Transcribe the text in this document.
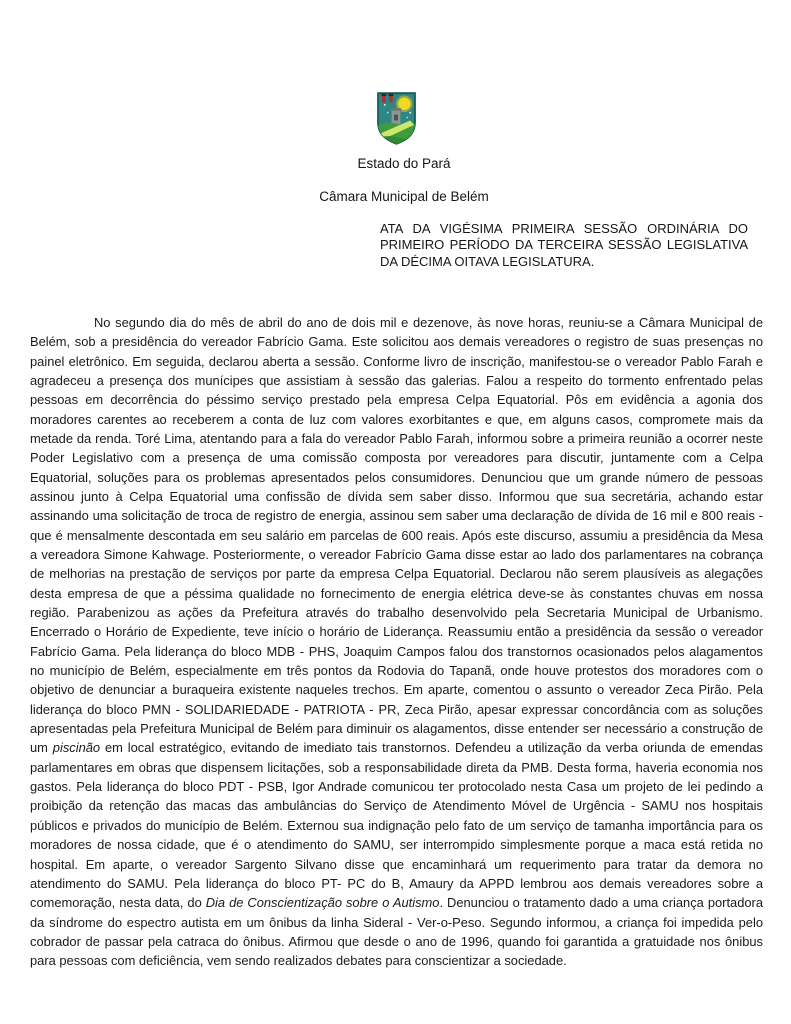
Estado do Pará
Câmara Municipal de Belém
ATA DA VIGÉSIMA PRIMEIRA SESSÃO ORDINÁRIA DO PRIMEIRO PERÍODO DA TERCEIRA SESSÃO LEGISLATIVA DA DÉCIMA OITAVA LEGISLATURA.

No segundo dia do mês de abril do ano de dois mil e dezenove, às nove horas, reuniu-se a Câmara Municipal de Belém, sob a presidência do vereador Fabrício Gama. Este solicitou aos demais vereadores o registro de suas presenças no painel eletrônico. Em seguida, declarou aberta a sessão. Conforme livro de inscrição, manifestou-se o vereador Pablo Farah e agradeceu a presença dos munícipes que assistiam à sessão das galerias. Falou a respeito do tormento enfrentado pelas pessoas em decorrência do péssimo serviço prestado pela empresa Celpa Equatorial. Pôs em evidência a agonia dos moradores carentes ao receberem a conta de luz com valores exorbitantes e que, em alguns casos, compromete mais da metade da renda. Toré Lima, atentando para a fala do vereador Pablo Farah, informou sobre a primeira reunião a ocorrer neste Poder Legislativo com a presença de uma comissão composta por vereadores para discutir, juntamente com a Celpa Equatorial, soluções para os problemas apresentados pelos consumidores. Denunciou que um grande número de pessoas assinou junto à Celpa Equatorial uma confissão de dívida sem saber disso. Informou que sua secretária, achando estar assinando uma solicitação de troca de registro de energia, assinou sem saber uma declaração de dívida de 16 mil e 800 reais - que é mensalmente descontada em seu salário em parcelas de 600 reais. Após este discurso, assumiu a presidência da Mesa a vereadora Simone Kahwage. Posteriormente, o vereador Fabrício Gama disse estar ao lado dos parlamentares na cobrança de melhorias na prestação de serviços por parte da empresa Celpa Equatorial. Declarou não serem plausíveis as alegações desta empresa de que a péssima qualidade no fornecimento de energia elétrica deve-se às constantes chuvas em nossa região. Parabenizou as ações da Prefeitura através do trabalho desenvolvido pela Secretaria Municipal de Urbanismo. Encerrado o Horário de Expediente, teve início o horário de Liderança. Reassumiu então a presidência da sessão o vereador Fabrício Gama. Pela liderança do bloco MDB - PHS, Joaquim Campos falou dos transtornos ocasionados pelos alagamentos no município de Belém, especialmente em três pontos da Rodovia do Tapanã, onde houve protestos dos moradores com o objetivo de denunciar a buraqueira existente naqueles trechos. Em aparte, comentou o assunto o vereador Zeca Pirão. Pela liderança do bloco PMN - SOLIDARIEDADE - PATRIOTA - PR, Zeca Pirão, apesar expressar concordância com as soluções apresentadas pela Prefeitura Municipal de Belém para diminuir os alagamentos, disse entender ser necessário a construção de um piscinão em local estratégico, evitando de imediato tais transtornos. Defendeu a utilização da verba oriunda de emendas parlamentares em obras que dispensem licitações, sob a responsabilidade direta da PMB. Desta forma, haveria economia nos gastos. Pela liderança do bloco PDT - PSB, Igor Andrade comunicou ter protocolado nesta Casa um projeto de lei pedindo a proibição da retenção das macas das ambulâncias do Serviço de Atendimento Móvel de Urgência - SAMU nos hospitais públicos e privados do município de Belém. Externou sua indignação pelo fato de um serviço de tamanha importância para os moradores de nossa cidade, que é o atendimento do SAMU, ser interrompido simplesmente porque a maca está retida no hospital. Em aparte, o vereador Sargento Silvano disse que encaminhará um requerimento para tratar da demora no atendimento do SAMU. Pela liderança do bloco PT- PC do B, Amaury da APPD lembrou aos demais vereadores sobre a comemoração, nesta data, do Dia de Conscientização sobre o Autismo. Denunciou o tratamento dado a uma criança portadora da síndrome do espectro autista em um ônibus da linha Sideral - Ver-o-Peso. Segundo informou, a criança foi impedida pelo cobrador de passar pela catraca do ônibus. Afirmou que desde o ano de 1996, quando foi garantida a gratuidade nos ônibus para pessoas com deficiência, vem sendo realizados debates para conscientizar a sociedade.
